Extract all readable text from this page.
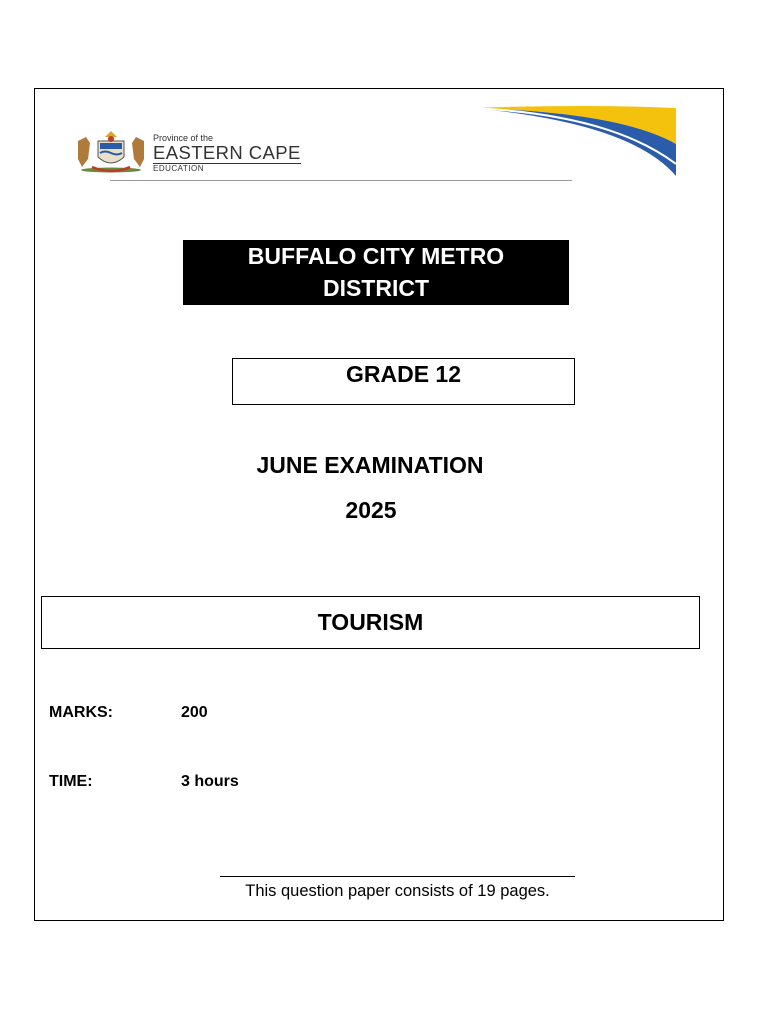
Province of the
EASTERN CAPE
EDUCATION
BUFFALO CITY METRO
DISTRICT
GRADE 12
JUNE EXAMINATION
2025
TOURISM
MARKS:	200
TIME:	3 hours
This question paper consists of 19 pages.
